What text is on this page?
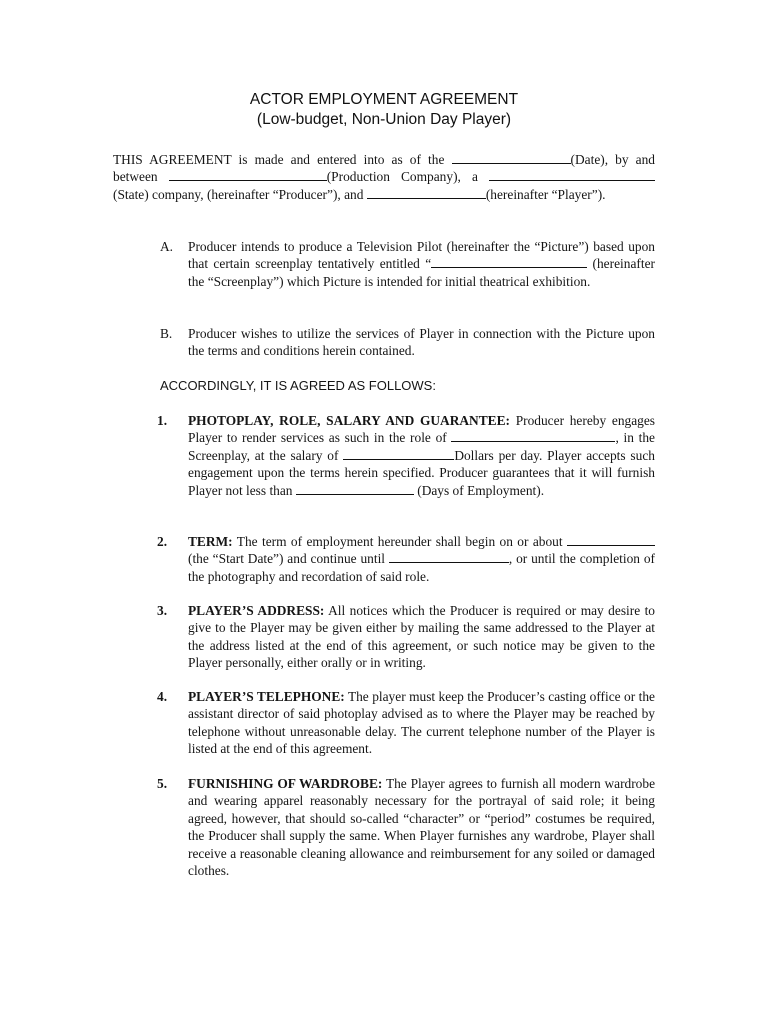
ACTOR EMPLOYMENT AGREEMENT
(Low-budget, Non-Union Day Player)
THIS AGREEMENT is made and entered into as of the	(Date), by and between	(Production Company), a (State) company, (hereinafter “Producer”), and	(hereinafter “Player”).
A.	Producer intends to produce a Television Pilot (hereinafter the “Picture”) based upon that certain screenplay tentatively entitled “	(hereinafter the “Screenplay”) which Picture is intended for initial theatrical exhibition.
B.	Producer wishes to utilize the services of Player in connection with the Picture upon the terms and conditions herein contained.
ACCORDINGLY, IT IS AGREED AS FOLLOWS:
1.	PHOTOPLAY, ROLE, SALARY AND GUARANTEE: Producer hereby engages Player to render services as such in the role of	, in the Screenplay, at the salary of	Dollars per day. Player accepts such engagement upon the terms herein specified. Producer guarantees that it will furnish Player not less than	(Days of Employment).
2.	TERM: The term of employment hereunder shall begin on or about (the “Start Date”) and continue until	, or until the completion of the photography and recordation of said role.
3.	PLAYER’S ADDRESS: All notices which the Producer is required or may desire to give to the Player may be given either by mailing the same addressed to the Player at the address listed at the end of this agreement, or such notice may be given to the Player personally, either orally or in writing.
4.	PLAYER’S TELEPHONE: The player must keep the Producer’s casting office or the assistant director of said photoplay advised as to where the Player may be reached by telephone without unreasonable delay. The current telephone number of the Player is listed at the end of this agreement.
5.	FURNISHING OF WARDROBE: The Player agrees to furnish all modern wardrobe and wearing apparel reasonably necessary for the portrayal of said role; it being agreed, however, that should so-called “character” or “period” costumes be required, the Producer shall supply the same. When Player furnishes any wardrobe, Player shall receive a reasonable cleaning allowance and reimbursement for any soiled or damaged clothes.
